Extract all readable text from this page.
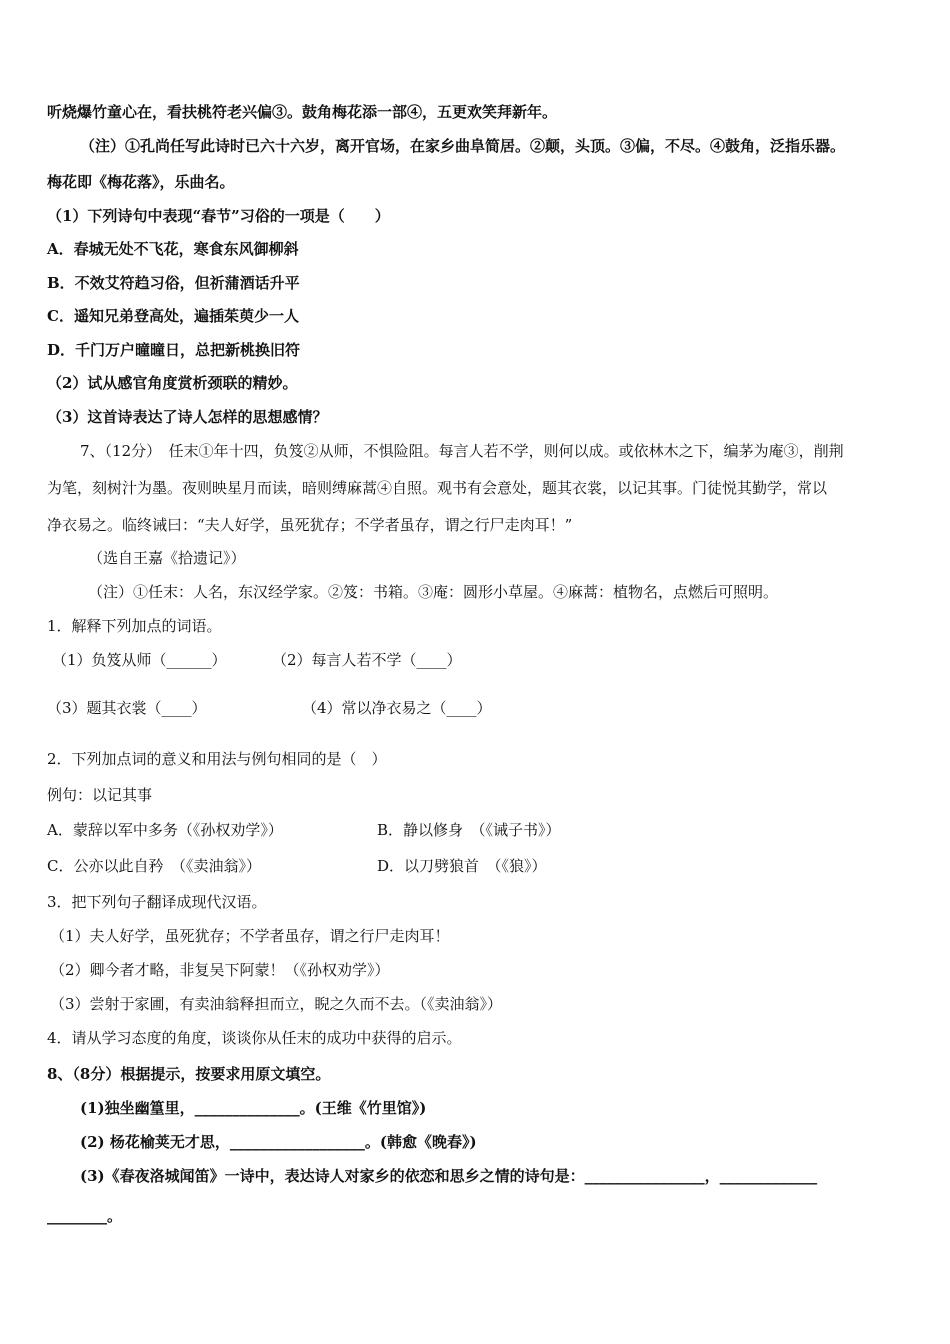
听烧爆竹童心在，看扶桃符老兴偏③。鼓角梅花添一部④，五更欢笑拜新年。
（注）①孔尚任写此诗时已六十六岁，离开官场，在家乡曲阜简居。②颠，头顶。③偏，不尽。④鼓角，泛指乐器。
梅花即《梅花落》，乐曲名。
（1）下列诗句中表现“春节”习俗的一项是（　　）
A．春城无处不飞花，寒食东风御柳斜
B．不效艾符趋习俗，但祈蒲酒话升平
C．遥知兄弟登高处，遍插茱萸少一人
D．千门万户曈曈日，总把新桃换旧符
（2）试从感官角度赏析颈联的精妙。
（3）这首诗表达了诗人怎样的思想感情？
7、（12分）　任末①年十四，负笈②从师，不惧险阻。每言人若不学，则何以成。或依林木之下，编茅为庵③，削荆
为笔，刻树汁为墨。夜则映星月而读，暗则缚麻蒿④自照。观书有会意处，题其衣裳，以记其事。门徒悦其勤学，常以
净衣易之。临终诫曰：“夫人好学，虽死犹存；不学者虽存，谓之行尸走肉耳！”
（选自王嘉《拾遗记》）
（注）①任末：人名，东汉经学家。②笈：书箱。③庵：圆形小草屋。④麻蒿：植物名，点燃后可照明。
1．解释下列加点的词语。
（1）负笈从师（______）	（2）每言人若不学（____）
（3）题其衣裳（____）	（4）常以净衣易之（____）
2．下列加点词的意义和用法与例句相同的是（　）
例句：以记其事
A．蒙辞以军中多务（《孙权劝学》）	B．静以修身　（《诫子书》）
C．公亦以此自矜　（《卖油翁》）	D．以刀劈狼首　（《狼》）
3．把下列句子翻译成现代汉语。
（1）夫人好学，虽死犹存；不学者虽存，谓之行尸走肉耳！
（2）卿今者才略，非复吴下阿蒙！（《孙权劝学》）
（3）尝射于家圃，有卖油翁释担而立，睨之久而不去。（《卖油翁》）
4．请从学习态度的角度，谈谈你从任末的成功中获得的启示。
8、（8分）根据提示，按要求用原文填空。
(1)独坐幽篁里，______________。(王维《竹里馆》)
(2) 杨花榆荚无才思，__________________。(韩愈《晚春》)
(3)《春夜洛城闻笛》一诗中，表达诗人对家乡的依恋和思乡之情的诗句是：________________，_____________
________。
